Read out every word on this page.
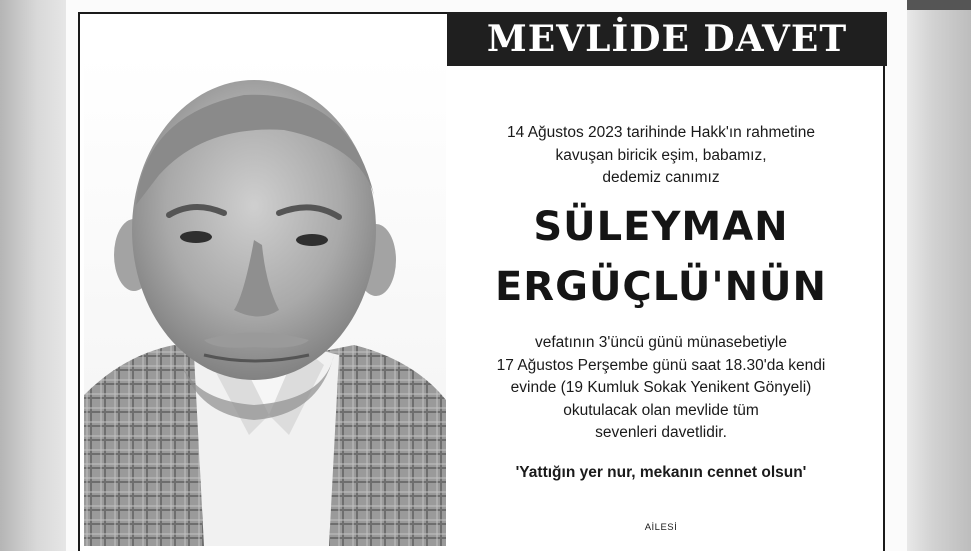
MEVLİDE DAVET
14 Ağustos 2023 tarihinde Hakk'ın rahmetine
kavuşan biricik eşim, babamız,
dedemiz canımız
SÜLEYMAN
ERGÜÇLÜ'NÜN
vefatının 3'üncü günü münasebetiyle
17 Ağustos Perşembe günü saat 18.30'da kendi
evinde (19 Kumluk Sokak Yenikent Gönyeli)
okutulacak olan mevlide tüm
sevenleri davetlidir.
'Yattığın yer nur, mekanın cennet olsun'
AİLESİ
